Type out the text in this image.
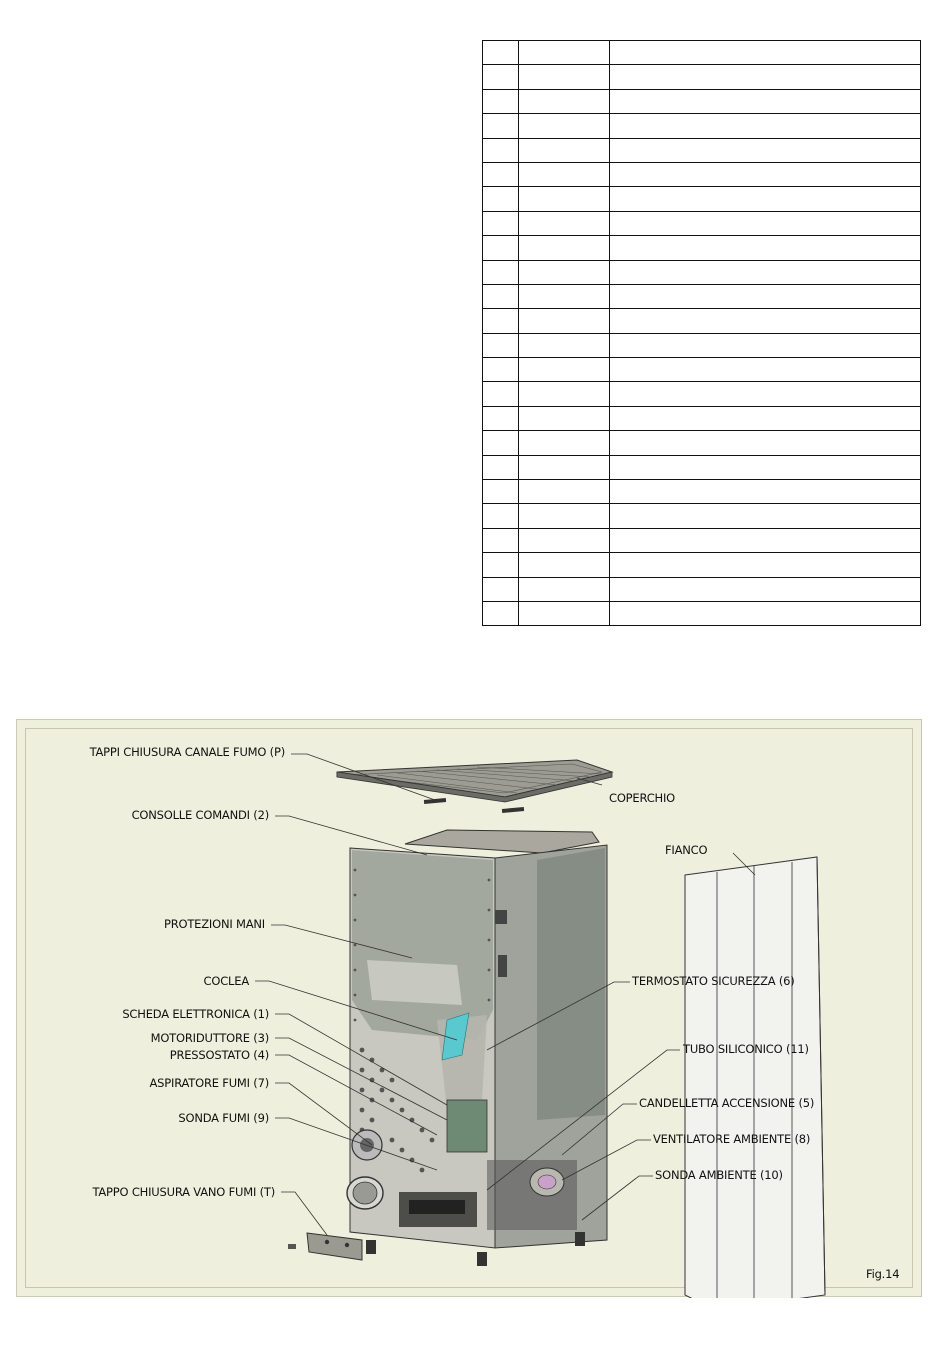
TAPPI CHIUSURA CANALE FUMO (P)
CONSOLLE COMANDI (2)
PROTEZIONI MANI
COCLEA
SCHEDA ELETTRONICA (1)
MOTORIDUTTORE (3)
PRESSOSTATO (4)
ASPIRATORE FUMI (7)
SONDA FUMI (9)
TAPPO CHIUSURA VANO FUMI (T)
COPERCHIO
FIANCO
TERMOSTATO SICUREZZA (6)
TUBO SILICONICO (11)
CANDELLETTA ACCENSIONE (5)
VENTILATORE AMBIENTE (8)
SONDA AMBIENTE (10)
Fig.14
